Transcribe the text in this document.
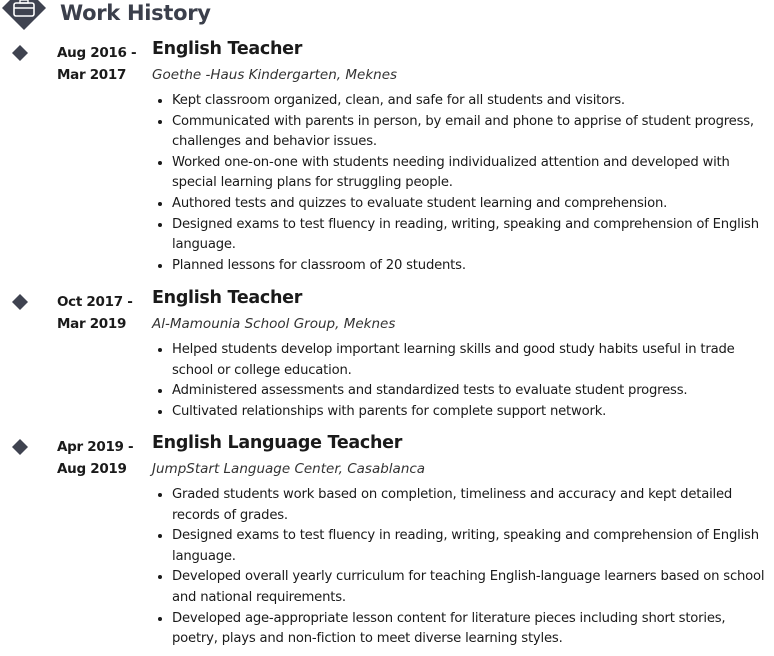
Work History
Aug 2016 -
Mar 2017
English Teacher
Goethe -Haus Kindergarten, Meknes
• Kept classroom organized, clean, and safe for all students and visitors.
• Communicated with parents in person, by email and phone to apprise of student progress, challenges and behavior issues.
• Worked one-on-one with students needing individualized attention and developed with special learning plans for struggling people.
• Authored tests and quizzes to evaluate student learning and comprehension.
• Designed exams to test fluency in reading, writing, speaking and comprehension of English language.
• Planned lessons for classroom of 20 students.
Oct 2017 -
Mar 2019
English Teacher
Al-Mamounia School Group, Meknes
• Helped students develop important learning skills and good study habits useful in trade school or college education.
• Administered assessments and standardized tests to evaluate student progress.
• Cultivated relationships with parents for complete support network.
Apr 2019 -
Aug 2019
English Language Teacher
JumpStart Language Center, Casablanca
• Graded students work based on completion, timeliness and accuracy and kept detailed records of grades.
• Designed exams to test fluency in reading, writing, speaking and comprehension of English language.
• Developed overall yearly curriculum for teaching English-language learners based on school and national requirements.
• Developed age-appropriate lesson content for literature pieces including short stories, poetry, plays and non-fiction to meet diverse learning styles.
